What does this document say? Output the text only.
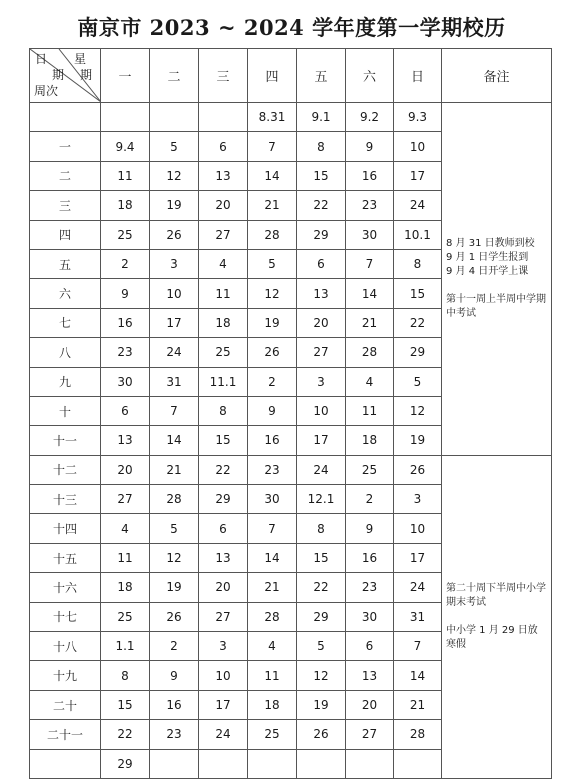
南京市 2023 ~ 2024 学年度第一学期校历
日 星
期 期
周次	一	二	三	四	五	六	日	备注
				8.31	9.1	9.2	9.3	8 月 31 日教师到校
9 月 1 日学生报到
9 月 4 日开学上课

第十一周上半周中学期中考试

一	9.4	5	6	7	8	9	10	
二	11	12	13	14	15	16	17	
三	18	19	20	21	22	23	24	
四	25	26	27	28	29	30	10.1	
五	2	3	4	5	6	7	8	
六	9	10	11	12	13	14	15	
七	16	17	18	19	20	21	22	
八	23	24	25	26	27	28	29	
九	30	31	11.1	2	3	4	5	
十	6	7	8	9	10	11	12	
十一	13	14	15	16	17	18	19	
十二	20	21	22	23	24	25	26	第二十周下半周中小学期末考试

中小学 1 月 29 日放寒假

十三	27	28	29	30	12.1	2	3	
十四	4	5	6	7	8	9	10	
十五	11	12	13	14	15	16	17	
十六	18	19	20	21	22	23	24	
十七	25	26	27	28	29	30	31	
十八	1.1	2	3	4	5	6	7	
十九	8	9	10	11	12	13	14	
二十	15	16	17	18	19	20	21	
二十一	22	23	24	25	26	27	28	
	29							
